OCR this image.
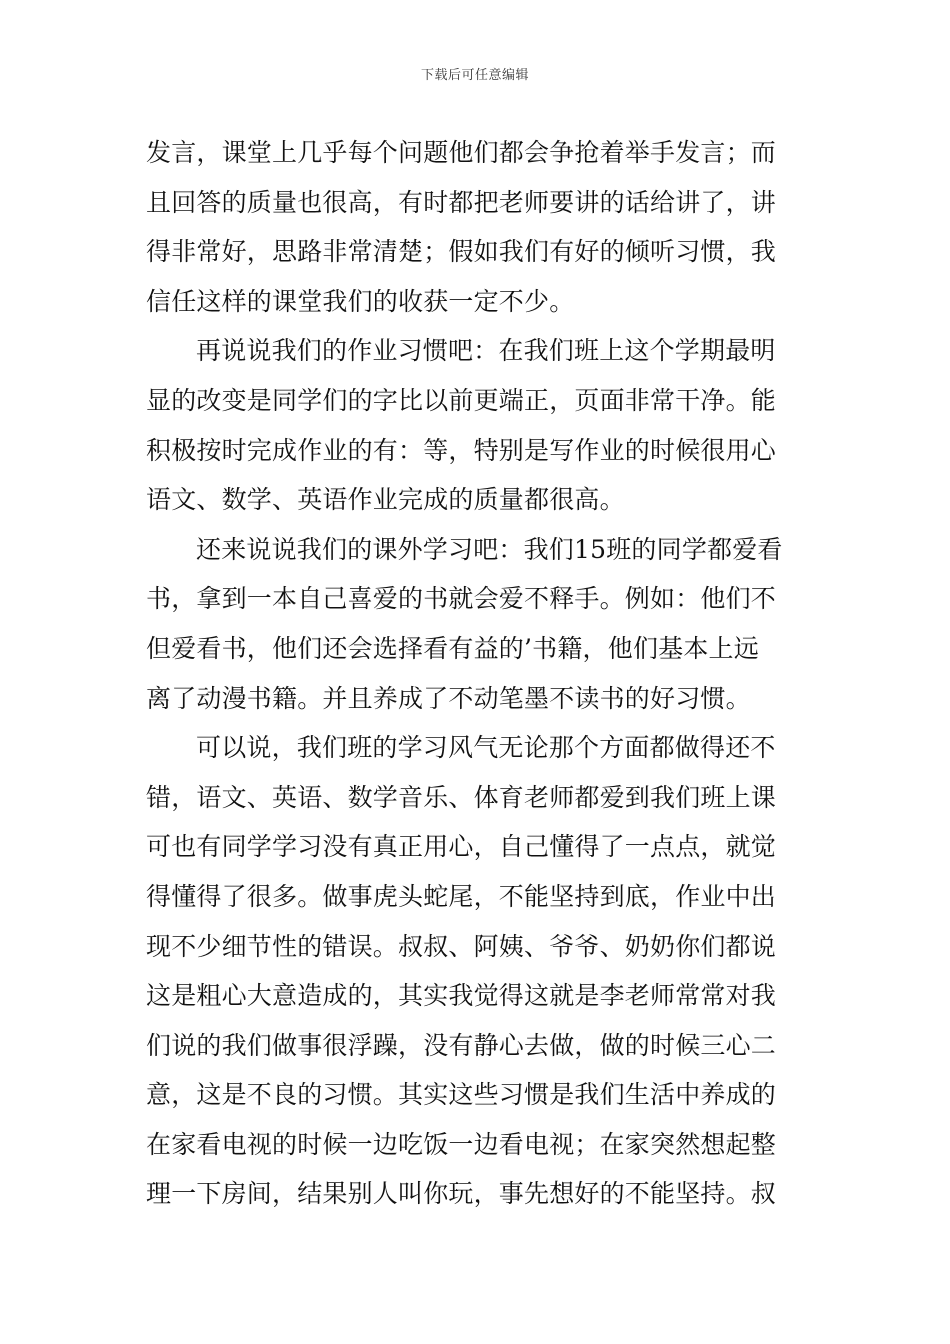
下载后可任意编辑
发言，课堂上几乎每个问题他们都会争抢着举手发言；而
且回答的质量也很高，有时都把老师要讲的话给讲了，讲
得非常好，思路非常清楚；假如我们有好的倾听习惯，我
信任这样的课堂我们的收获一定不少。
再说说我们的作业习惯吧：在我们班上这个学期最明
显的改变是同学们的字比以前更端正，页面非常干净。能
积极按时完成作业的有：等，特别是写作业的时候很用心
语文、数学、英语作业完成的质量都很高。
还来说说我们的课外学习吧：我们15班的同学都爱看
书，拿到一本自己喜爱的书就会爱不释手。例如：他们不
但爱看书，他们还会选择看有益的’书籍，他们基本上远
离了动漫书籍。并且养成了不动笔墨不读书的好习惯。
可以说，我们班的学习风气无论那个方面都做得还不
错，语文、英语、数学音乐、体育老师都爱到我们班上课
可也有同学学习没有真正用心，自己懂得了一点点，就觉
得懂得了很多。做事虎头蛇尾，不能坚持到底，作业中出
现不少细节性的错误。叔叔、阿姨、爷爷、奶奶你们都说
这是粗心大意造成的，其实我觉得这就是李老师常常对我
们说的我们做事很浮躁，没有静心去做，做的时候三心二
意，这是不良的习惯。其实这些习惯是我们生活中养成的
在家看电视的时候一边吃饭一边看电视；在家突然想起整
理一下房间，结果别人叫你玩，事先想好的不能坚持。叔
